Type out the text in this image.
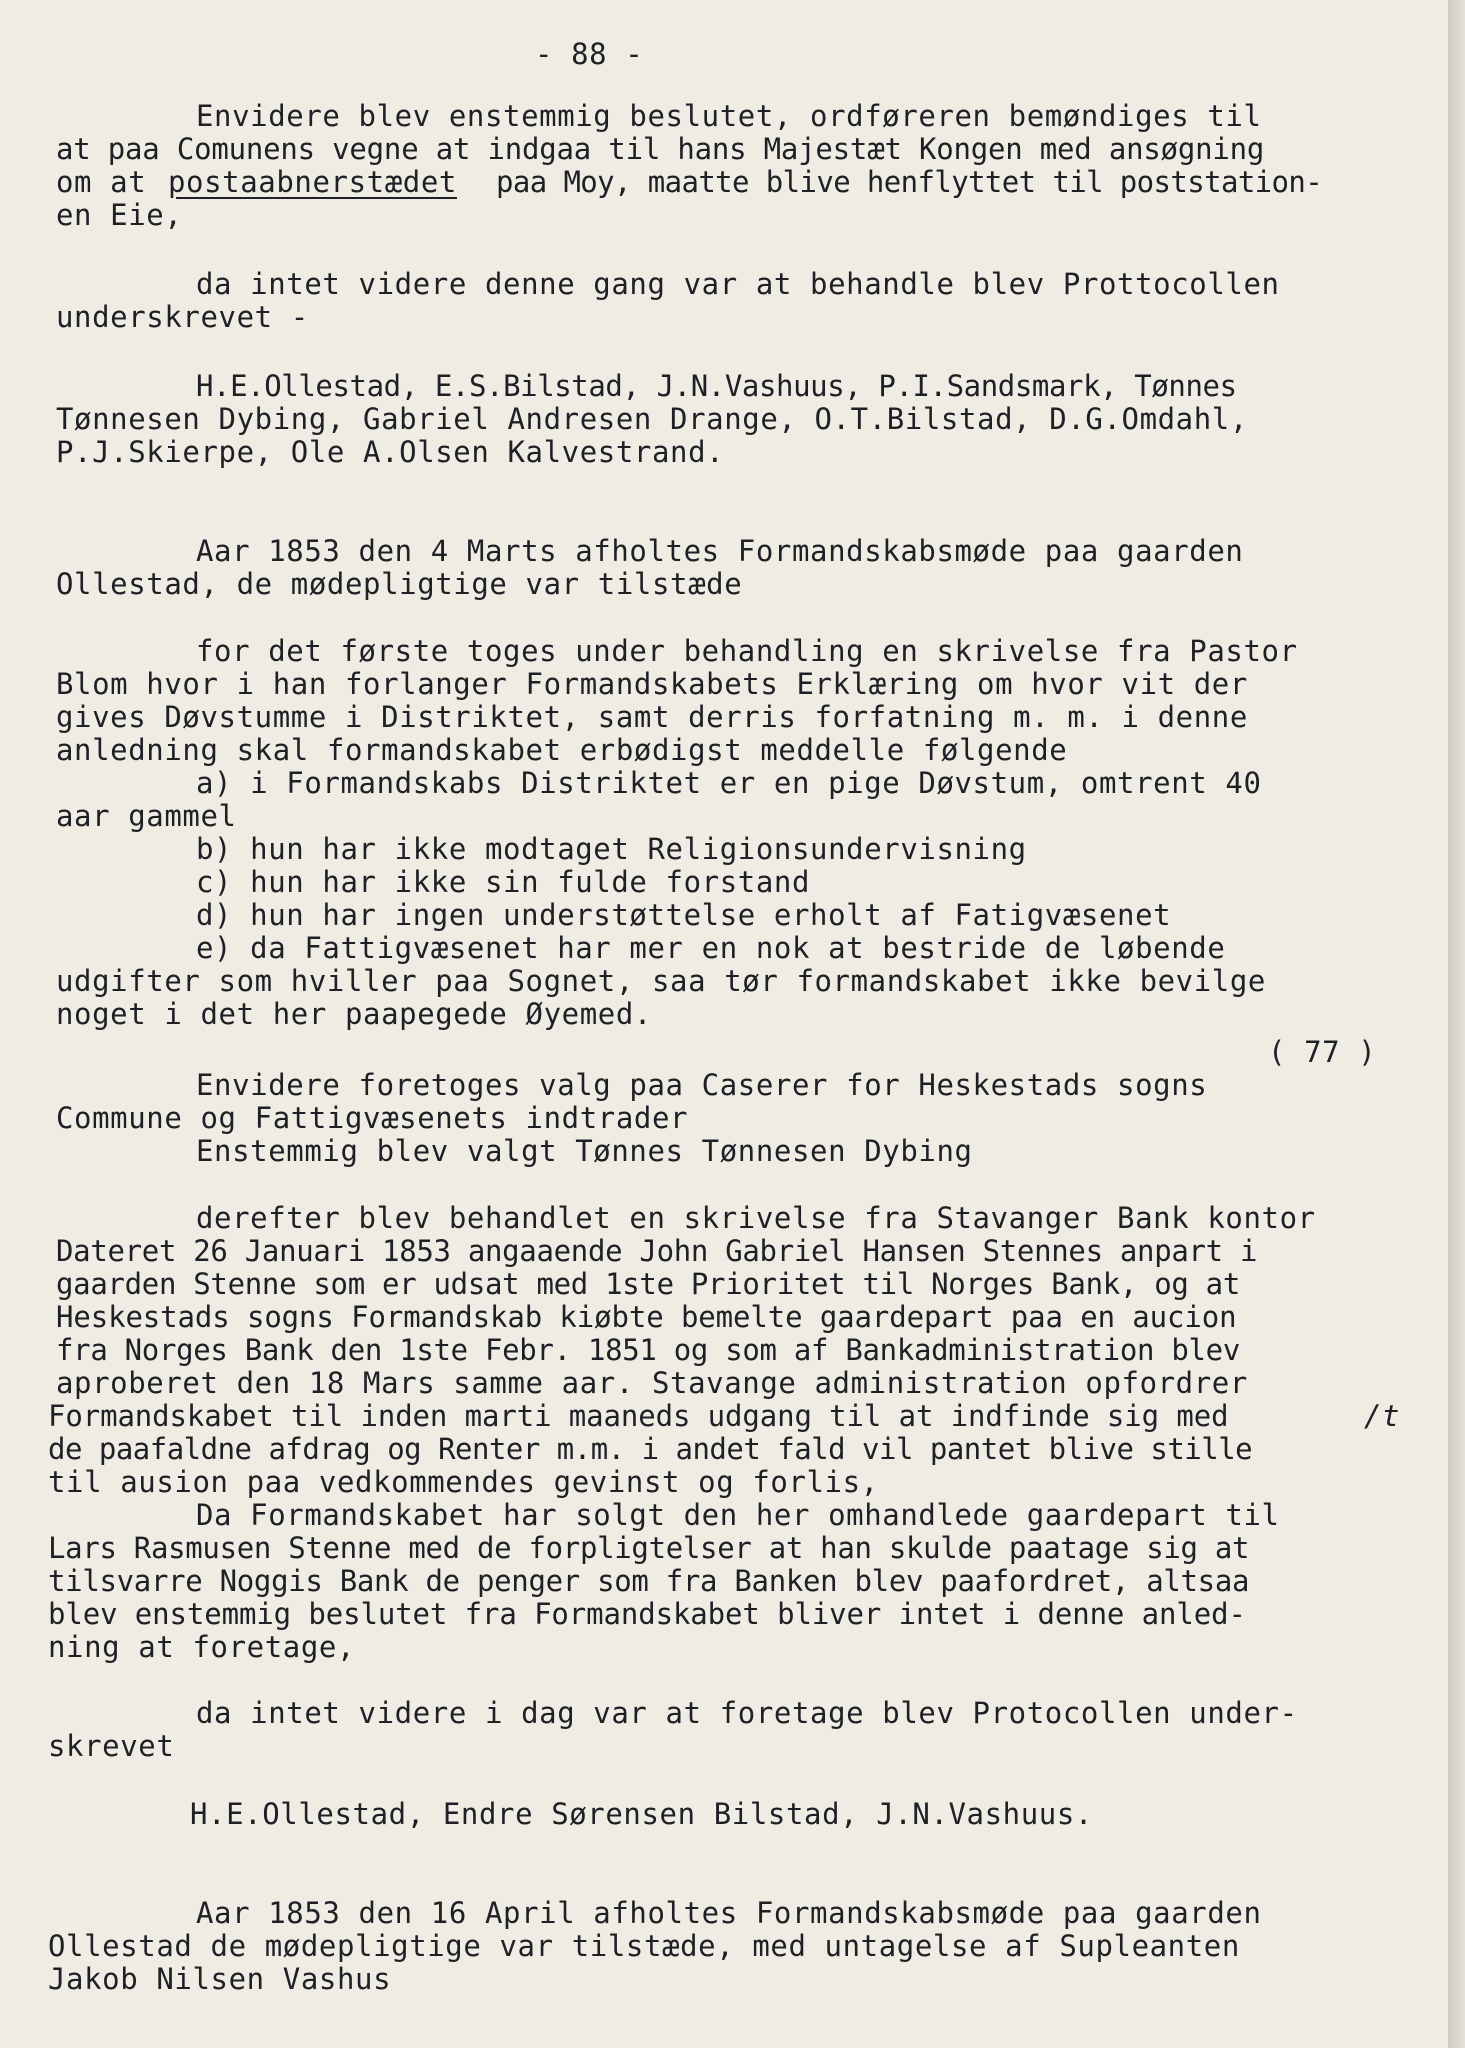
- 88 -
Envidere blev enstemmig beslutet, ordføreren bemøndiges til
at paa Comunens vegne at indgaa til hans Majestæt Kongen med ansøgning
om at postaabnerstædet paa Moy, maatte blive henflyttet til poststation-
en Eie,
da intet videre denne gang var at behandle blev Prottocollen
underskrevet -
H.E.Ollestad, E.S.Bilstad, J.N.Vashuus, P.I.Sandsmark, Tønnes
Tønnesen Dybing, Gabriel Andresen Drange, O.T.Bilstad, D.G.Omdahl,
P.J.Skierpe, Ole A.Olsen Kalvestrand.
Aar 1853 den 4 Marts afholtes Formandskabsmøde paa gaarden
Ollestad, de mødepligtige var tilstæde
for det første toges under behandling en skrivelse fra Pastor
Blom hvor i han forlanger Formandskabets Erklæring om hvor vit der
gives Døvstumme i Distriktet, samt derris forfatning m. m. i denne
anledning skal formandskabet erbødigst meddelle følgende
a) i Formandskabs Distriktet er en pige Døvstum, omtrent 40
aar gammel
b) hun har ikke modtaget Religionsundervisning
c) hun har ikke sin fulde forstand
d) hun har ingen understøttelse erholt af Fatigvæsenet
e) da Fattigvæsenet har mer en nok at bestride de løbende
udgifter som hviller paa Sognet, saa tør formandskabet ikke bevilge
noget i det her paapegede Øyemed.
( 77 )
Envidere foretoges valg paa Caserer for Heskestads sogns
Commune og Fattigvæsenets indtrader
Enstemmig blev valgt Tønnes Tønnesen Dybing
derefter blev behandlet en skrivelse fra Stavanger Bank kontor
Dateret 26 Januari 1853 angaaende John Gabriel Hansen Stennes anpart i
gaarden Stenne som er udsat med 1ste Prioritet til Norges Bank, og at
Heskestads sogns Formandskab kiøbte bemelte gaardepart paa en aucion
fra Norges Bank den 1ste Febr. 1851 og som af Bankadministration blev
aproberet den 18 Mars samme aar. Stavange administration opfordrer
Formandskabet til inden marti maaneds udgang til at indfinde sig med	/t
de paafaldne afdrag og Renter m.m. i andet fald vil pantet blive stille
til ausion paa vedkommendes gevinst og forlis,
Da Formandskabet har solgt den her omhandlede gaardepart til
Lars Rasmusen Stenne med de forpligtelser at han skulde paatage sig at
tilsvarre Noggis Bank de penger som fra Banken blev paafordret, altsaa
blev enstemmig beslutet fra Formandskabet bliver intet i denne anled-
ning at foretage,
da intet videre i dag var at foretage blev Protocollen under-
skrevet
H.E.Ollestad, Endre Sørensen Bilstad, J.N.Vashuus.
Aar 1853 den 16 April afholtes Formandskabsmøde paa gaarden
Ollestad de mødepligtige var tilstæde, med untagelse af Supleanten
Jakob Nilsen Vashus
